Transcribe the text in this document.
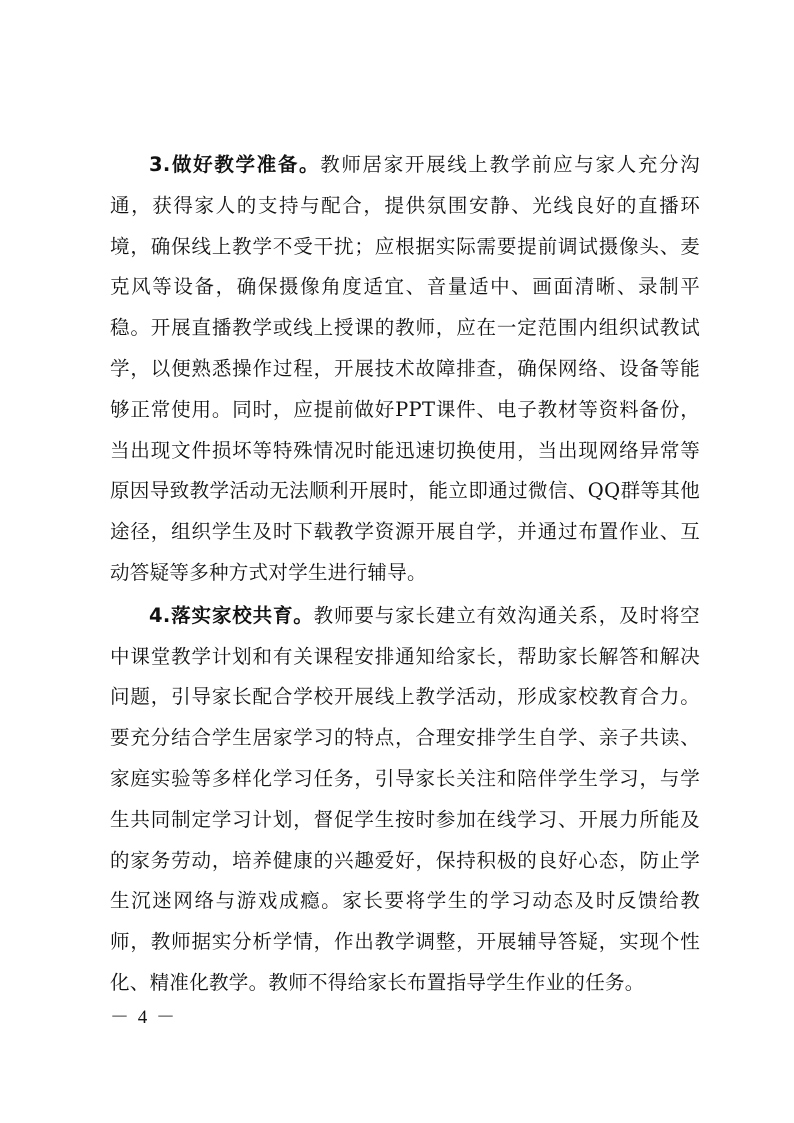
3.做好教学准备。教师居家开展线上教学前应与家人充分沟通，获得家人的支持与配合，提供氛围安静、光线良好的直播环境，确保线上教学不受干扰；应根据实际需要提前调试摄像头、麦克风等设备，确保摄像角度适宜、音量适中、画面清晰、录制平稳。开展直播教学或线上授课的教师，应在一定范围内组织试教试学，以便熟悉操作过程，开展技术故障排查，确保网络、设备等能够正常使用。同时，应提前做好PPT课件、电子教材等资料备份，当出现文件损坏等特殊情况时能迅速切换使用，当出现网络异常等原因导致教学活动无法顺利开展时，能立即通过微信、QQ群等其他途径，组织学生及时下载教学资源开展自学，并通过布置作业、互动答疑等多种方式对学生进行辅导。

4.落实家校共育。教师要与家长建立有效沟通关系，及时将空中课堂教学计划和有关课程安排通知给家长，帮助家长解答和解决问题，引导家长配合学校开展线上教学活动，形成家校教育合力。要充分结合学生居家学习的特点，合理安排学生自学、亲子共读、家庭实验等多样化学习任务，引导家长关注和陪伴学生学习，与学生共同制定学习计划，督促学生按时参加在线学习、开展力所能及的家务劳动，培养健康的兴趣爱好，保持积极的良好心态，防止学生沉迷网络与游戏成瘾。家长要将学生的学习动态及时反馈给教师，教师据实分析学情，作出教学调整，开展辅导答疑，实现个性化、精准化教学。教师不得给家长布置指导学生作业的任务。

－ 4 －
